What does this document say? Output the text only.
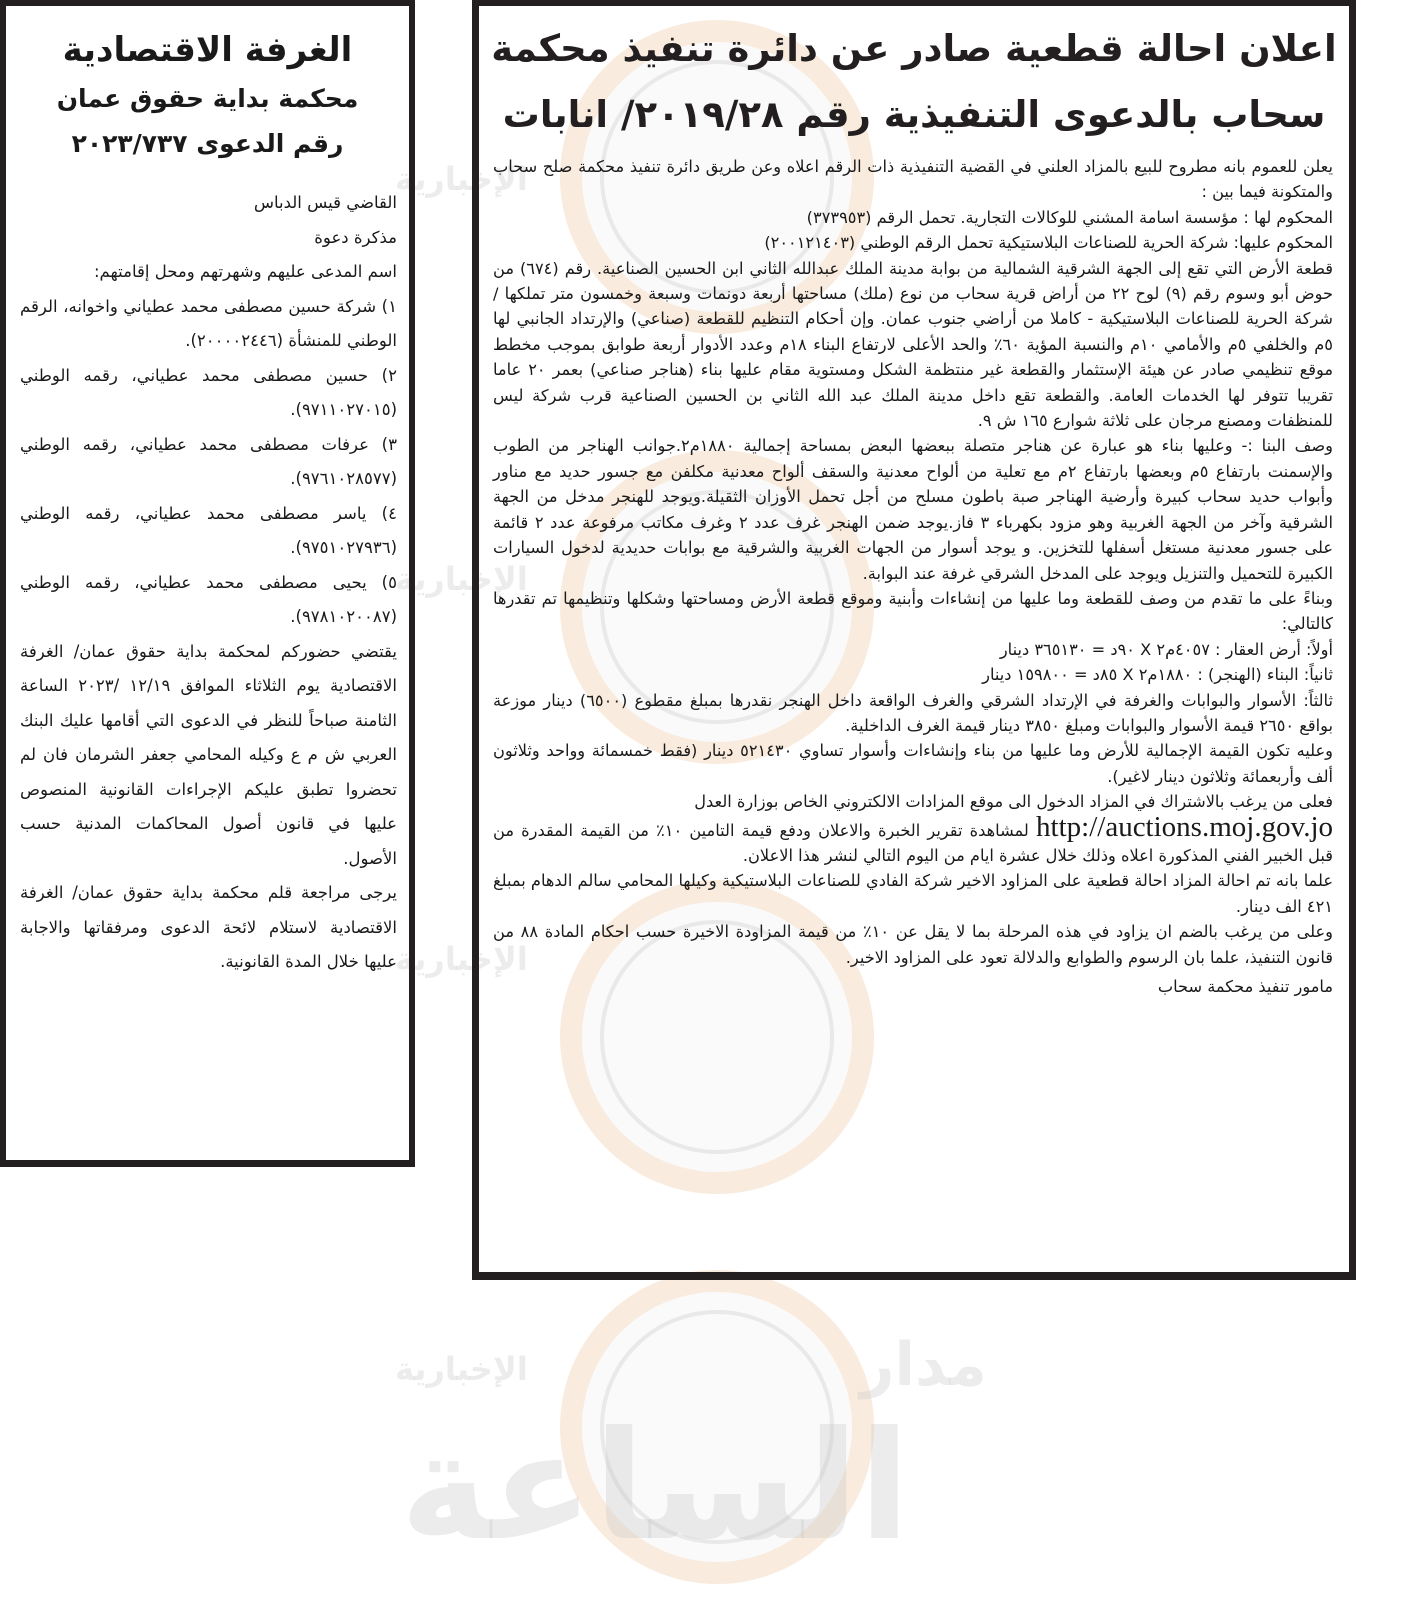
الإخبارية
الإخبارية
الإخبارية
الإخبارية	مدار
الساعة
الغرفة الاقتصادية
محكمة بداية حقوق عمان
رقم الدعوى ٢٠٢٣/٧٣٧

القاضي قيس الدباس

مذكرة دعوة

اسم المدعى عليهم وشهرتهم ومحل إقامتهم:

١) شركة حسين مصطفى محمد عطياني واخوانه، الرقم الوطني للمنشأة (٢٠٠٠٠٢٤٤٦).

٢) حسين مصطفى محمد عطياني، رقمه الوطني (٩٧١١٠٢٧٠١٥).

٣) عرفات مصطفى محمد عطياني، رقمه الوطني (٩٧٦١٠٢٨٥٧٧).

٤) ياسر مصطفى محمد عطياني، رقمه الوطني (٩٧٥١٠٢٧٩٣٦).

٥) يحيى مصطفى محمد عطياني، رقمه الوطني (٩٧٨١٠٢٠٠٨٧).

يقتضي حضوركم لمحكمة بداية حقوق عمان/ الغرفة الاقتصادية يوم الثلاثاء الموافق ١٢/١٩ /٢٠٢٣ الساعة الثامنة صباحاً للنظر في الدعوى التي أقامها عليك البنك العربي ش م ع وكيله المحامي جعفر الشرمان فان لم تحضروا تطبق عليكم الإجراءات القانونية المنصوص عليها في قانون أصول المحاكمات المدنية حسب الأصول.

يرجى مراجعة قلم محكمة بداية حقوق عمان/ الغرفة الاقتصادية لاستلام لائحة الدعوى ومرفقاتها والاجابة عليها خلال المدة القانونية.

اعلان احالة قطعية صادر عن دائرة تنفيذ محكمة
سحاب بالدعوى التنفيذية رقم ٢٠١٩/٢٨/ انابات

يعلن للعموم بانه مطروح للبيع بالمزاد العلني في القضية التنفيذية ذات الرقم اعلاه وعن طريق دائرة تنفيذ محكمة صلح سحاب والمتكونة فيما بين :

المحكوم لها : مؤسسة اسامة المشني للوكالات التجارية. تحمل الرقم (٣٧٣٩٥٣)

المحكوم عليها: شركة الحرية للصناعات البلاستيكية تحمل الرقم الوطني (٢٠٠١٢١٤٠٣)

قطعة الأرض التي تقع إلى الجهة الشرقية الشمالية من بوابة مدينة الملك عبدالله الثاني ابن الحسين الصناعية. رقم (٦٧٤) من حوض أبو وسوم رقم (٩) لوح ٢٢ من أراض قرية سحاب من نوع (ملك) مساحتها أربعة دونمات وسبعة وخمسون متر تملكها / شركة الحرية للصناعات البلاستيكية - كاملا من أراضي جنوب عمان. وإن أحكام التنظيم للقطعة (صناعي) والإرتداد الجانبي لها ٥م والخلفي ٥م والأمامي ١٠م والنسبة المؤية ٦٠٪ والحد الأعلى لارتفاع البناء ١٨م وعدد الأدوار أربعة طوابق بموجب مخطط موقع تنظيمي صادر عن هيئة الإستثمار والقطعة غير منتظمة الشكل ومستوية مقام عليها بناء (هناجر صناعي) بعمر ٢٠ عاما تقريبا تتوفر لها الخدمات العامة. والقطعة تقع داخل مدينة الملك عبد الله الثاني بن الحسين الصناعية قرب شركة ليس للمنظفات ومصنع مرجان على ثلاثة شوارع ١٦٥ ش ٩.

وصف البنا :- وعليها بناء هو عبارة عن هناجر متصلة ببعضها البعض بمساحة إجمالية ١٨٨٠م٢.جوانب الهناجر من الطوب والإسمنت بارتفاع ٥م وبعضها بارتفاع ٢م مع تعلية من ألواح معدنية والسقف ألواح معدنية مكلفن مع جسور حديد مع مناور وأبواب حديد سحاب كبيرة وأرضية الهناجر صبة باطون مسلح من أجل تحمل الأوزان الثقيلة.ويوجد للهنجر مدخل من الجهة الشرقية وآخر من الجهة الغربية وهو مزود بكهرباء ٣ فاز.يوجد ضمن الهنجر غرف عدد ٢ وغرف مكاتب مرفوعة عدد ٢ قائمة على جسور معدنية مستغل أسفلها للتخزين. و يوجد أسوار من الجهات الغربية والشرقية مع بوابات حديدية لدخول السيارات الكبيرة للتحميل والتنزيل ويوجد على المدخل الشرقي غرفة عند البوابة.

وبناءً على ما تقدم من وصف للقطعة وما عليها من إنشاءات وأبنية وموقع قطعة الأرض ومساحتها وشكلها وتنظيمها تم تقدرها كالتالي:

أولاً: أرض العقار : ٤٠٥٧م٢ X ٩٠د = ٣٦٥١٣٠ دينار

ثانياً: البناء (الهنجر) : ١٨٨٠م٢ X ٨٥د = ١٥٩٨٠٠ دينار

ثالثاً: الأسوار والبوابات والغرفة في الإرتداد الشرقي والغرف الواقعة داخل الهنجر نقدرها بمبلغ مقطوع (٦٥٠٠) دينار موزعة بواقع ٢٦٥٠ قيمة الأسوار والبوابات ومبلغ ٣٨٥٠ دينار قيمة الغرف الداخلية.

وعليه تكون القيمة الإجمالية للأرض وما عليها من بناء وإنشاءات وأسوار تساوي ٥٢١٤٣٠ دينار (فقط خمسمائة وواحد وثلاثون ألف وأربعمائة وثلاثون دينار لاغير).

فعلى من يرغب بالاشتراك في المزاد الدخول الى موقع المزادات الالكتروني الخاص بوزارة العدل

http://auctions.moj.gov.jo لمشاهدة تقرير الخبرة والاعلان ودفع قيمة التامين ١٠٪ من القيمة المقدرة من قبل الخبير الفني المذكورة اعلاه وذلك خلال عشرة ايام من اليوم التالي لنشر هذا الاعلان.

علما بانه تم احالة المزاد احالة قطعية على المزاود الاخير شركة الفادي للصناعات البلاستيكية وكيلها المحامي سالم الدهام بمبلغ ٤٢١ الف دينار.

وعلى من يرغب بالضم ان يزاود في هذه المرحلة بما لا يقل عن ١٠٪ من قيمة المزاودة الاخيرة حسب احكام المادة ٨٨ من قانون التنفيذ، علما بان الرسوم والطوابع والدلالة تعود على المزاود الاخير.

مامور تنفيذ محكمة سحاب
